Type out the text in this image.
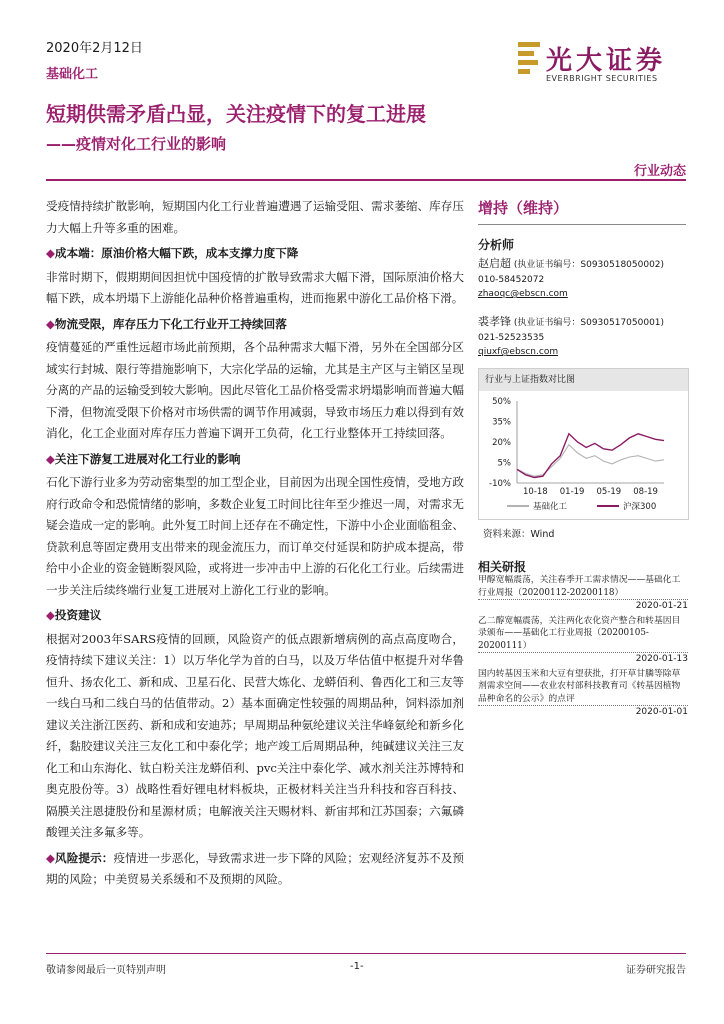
2020年2月12日
基础化工	光大证券
EVERBRIGHT SECURITIES
短期供需矛盾凸显，关注疫情下的复工进展
——疫情对化工行业的影响
行业动态

受疫情持续扩散影响，短期国内化工行业普遍遭遇了运输受阻、需求萎缩、库存压力大幅上升等多重的困难。

◆成本端：原油价格大幅下跌，成本支撑力度下降

非常时期下，假期期间因担忧中国疫情的扩散导致需求大幅下滑，国际原油价格大幅下跌，成本坍塌下上游能化品种价格普遍重构，进而拖累中游化工品价格下滑。

◆物流受限，库存压力下化工行业开工持续回落

疫情蔓延的严重性远超市场此前预期，各个品种需求大幅下滑，另外在全国部分区域实行封城、限行等措施影响下，大宗化学品的运输，尤其是主产区与主销区呈现分离的产品的运输受到较大影响。因此尽管化工品价格受需求坍塌影响而普遍大幅下滑，但物流受限下价格对市场供需的调节作用减弱，导致市场压力难以得到有效消化，化工企业面对库存压力普遍下调开工负荷，化工行业整体开工持续回落。

◆关注下游复工进展对化工行业的影响

石化下游行业多为劳动密集型的加工型企业，目前因为出现全国性疫情，受地方政府行政命令和恐慌情绪的影响，多数企业复工时间比往年至少推迟一周，对需求无疑会造成一定的影响。此外复工时间上还存在不确定性，下游中小企业面临租金、贷款利息等固定费用支出带来的现金流压力，而订单交付延误和防护成本提高，带给中小企业的资金链断裂风险，或将进一步冲击中上游的石化化工行业。后续需进一步关注后续终端行业复工进展对上游化工行业的影响。

◆投资建议

根据对2003年SARS疫情的回顾，风险资产的低点跟新增病例的高点高度吻合，疫情持续下建议关注：1）以万华化学为首的白马，以及万华估值中枢提升对华鲁恒升、扬农化工、新和成、卫星石化、民营大炼化、龙蟒佰利、鲁西化工和三友等一线白马和二线白马的估值带动。2）基本面确定性较强的周期品种，饲料添加剂建议关注浙江医药、新和成和安迪苏；早周期品种氨纶建议关注华峰氨纶和新乡化纤，黏胶建议关注三友化工和中泰化学；地产竣工后周期品种，纯碱建议关注三友化工和山东海化、钛白粉关注龙蟒佰利、pvc关注中泰化学、减水剂关注苏博特和奥克股份等。3）战略性看好锂电材料板块，正极材料关注当升科技和容百科技、隔膜关注恩捷股份和星源材质；电解液关注天赐材料、新宙邦和江苏国泰；六氟磷酸锂关注多氟多等。

◆风险提示：疫情进一步恶化，导致需求进一步下降的风险；宏观经济复苏不及预期的风险；中美贸易关系缓和不及预期的风险。

增持（维持）
分析师
赵启超 (执业证书编号：S0930518050002)
010-58452072
zhaoqc@ebscn.com
裘孝锋 (执业证书编号：S0930517050001)
021-52523535
qiuxf@ebscn.com
行业与上证指数对比图
50%
35%
20%
5%
-10%
10-18 01-19 05-19 08-19
基础化工	沪深300
资料来源：Wind
相关研报
甲醇宽幅震荡，关注春季开工需求情况——基础化工行业周报（20200112-20200118）
2020-01-21
乙二醇宽幅震荡，关注两化农化资产整合和转基因目录颁布——基础化工行业周报（20200105-20200111）
2020-01-13
国内转基因玉米和大豆有望获批，打开草甘膦等除草剂需求空间——农业农村部科技教育司《转基因植物品种命名的公示》的点评
2020-01-01
敬请参阅最后一页特别声明	-1-	证券研究报告
